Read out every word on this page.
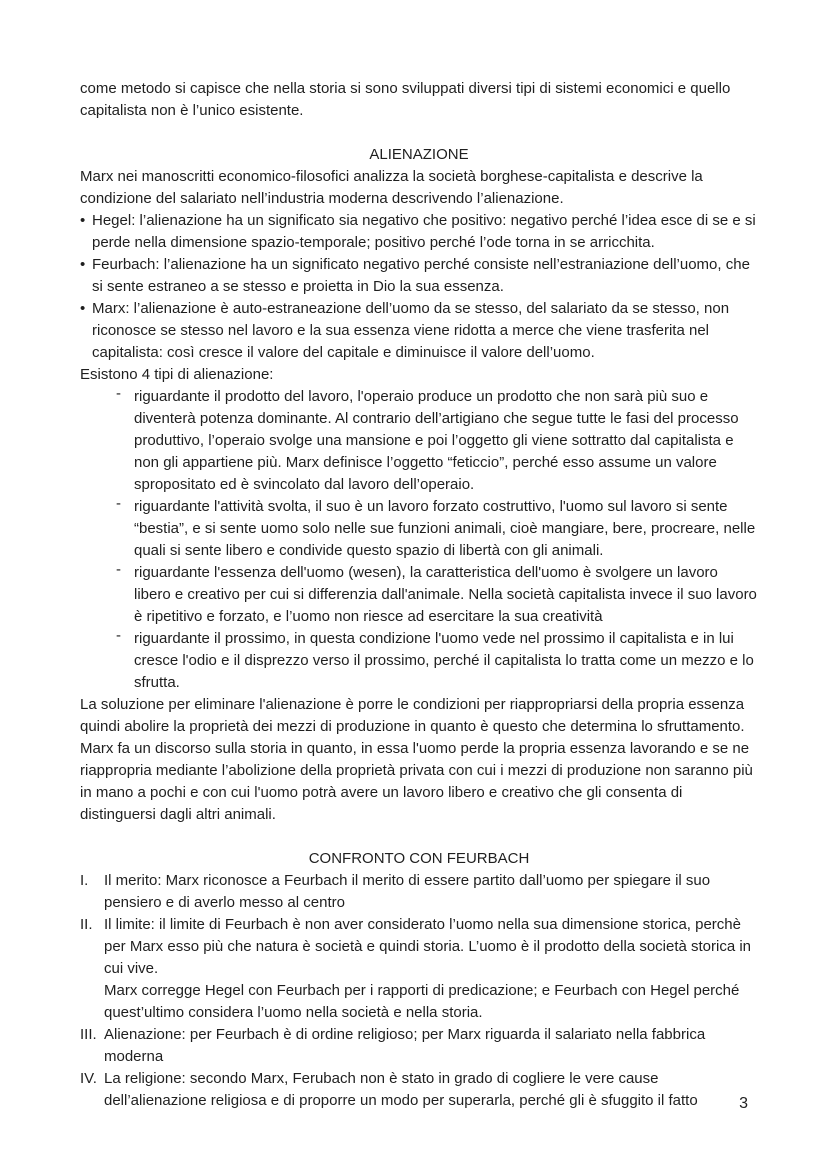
come metodo si capisce che nella storia si sono sviluppati diversi tipi di sistemi economici e quello capitalista non è l’unico esistente.

ALIENAZIONE

Marx nei manoscritti economico-filosofici analizza la società borghese-capitalista e descrive la condizione del salariato nell’industria moderna descrivendo l’alienazione.

• Hegel: l’alienazione ha un significato sia negativo che positivo: negativo perché l’idea esce di se e si perde nella dimensione spazio-temporale; positivo perché l’ode torna in se arricchita.
• Feurbach: l’alienazione ha un significato negativo perché consiste nell’estraniazione dell’uomo, che si sente estraneo a se stesso e proietta in Dio la sua essenza.
• Marx: l’alienazione è auto-estraneazione dell’uomo da se stesso, del salariato da se stesso, non riconosce se stesso nel lavoro e la sua essenza viene ridotta a merce che viene trasferita nel capitalista: così cresce il valore del capitale e diminuisce il valore dell’uomo.

Esistono 4 tipi di alienazione:

- riguardante il prodotto del lavoro, l'operaio produce un prodotto che non sarà più suo e diventerà potenza dominante. Al contrario dell’artigiano che segue tutte le fasi del processo produttivo, l’operaio svolge una mansione e poi l’oggetto gli viene sottratto dal capitalista e non gli appartiene più. Marx definisce l’oggetto “feticcio”, perché esso assume un valore spropositato ed è svincolato dal lavoro dell’operaio.
- riguardante l'attività svolta, il suo è un lavoro forzato costruttivo, l'uomo sul lavoro si sente “bestia”, e si sente uomo solo nelle sue funzioni animali, cioè mangiare, bere, procreare, nelle quali si sente libero e condivide questo spazio di libertà con gli animali.
- riguardante l'essenza dell'uomo (wesen), la caratteristica dell'uomo è svolgere un lavoro libero e creativo per cui si differenzia dall'animale. Nella società capitalista invece il suo lavoro è ripetitivo e forzato, e l’uomo non riesce ad esercitare la sua creatività
- riguardante il prossimo, in questa condizione l'uomo vede nel prossimo il capitalista e in lui cresce l'odio e il disprezzo verso il prossimo, perché il capitalista lo tratta come un mezzo e lo sfrutta.

La soluzione per eliminare l'alienazione è porre le condizioni per riappropriarsi della propria essenza quindi abolire la proprietà dei mezzi di produzione in quanto è questo che determina lo sfruttamento.

Marx fa un discorso sulla storia in quanto, in essa l'uomo perde la propria essenza lavorando e se ne riappropria mediante l’abolizione della proprietà privata con cui i mezzi di produzione non saranno più in mano a pochi e con cui l'uomo potrà avere un lavoro libero e creativo che gli consenta di distinguersi dagli altri animali.

CONFRONTO CON FEURBACH

I. Il merito: Marx riconosce a Feurbach il merito di essere partito dall’uomo per spiegare il suo pensiero e di averlo messo al centro
II. Il limite: il limite di Feurbach è non aver considerato l’uomo nella sua dimensione storica, perchè per Marx esso più che natura è società e quindi storia. L’uomo è il prodotto della società storica in cui vive.
Marx corregge Hegel con Feurbach per i rapporti di predicazione; e Feurbach con Hegel perché quest’ultimo considera l’uomo nella società e nella storia.
III. Alienazione: per Feurbach è di ordine religioso; per Marx riguarda il salariato nella fabbrica moderna
IV. La religione: secondo Marx, Ferubach non è stato in grado di cogliere le vere cause dell’alienazione religiosa e di proporre un modo per superarla, perché gli è sfuggito il fatto	3
